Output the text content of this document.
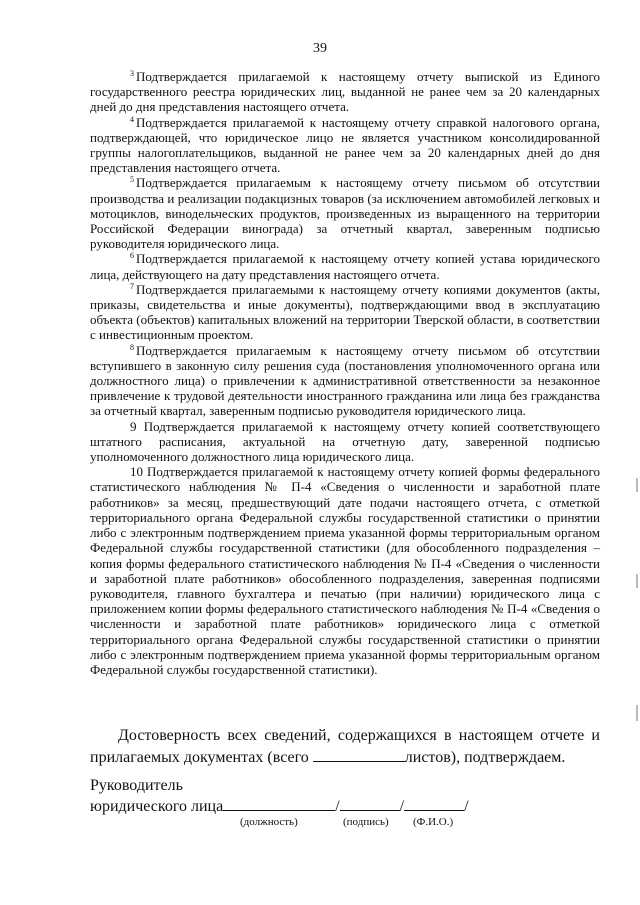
39

$^3$ Подтверждается прилагаемой к настоящему отчету выпиской из Единого государственного реестра юридических лиц, выданной не ранее чем за 20 календарных дней до дня представления настоящего отчета.

$^4$ Подтверждается прилагаемой к настоящему отчету справкой налогового органа, подтверждающей, что юридическое лицо не является участником консолидированной группы налогоплательщиков, выданной не ранее чем за 20 календарных дней до дня представления настоящего отчета.

$^5$ Подтверждается прилагаемым к настоящему отчету письмом об отсутствии производства и реализации подакцизных товаров (за исключением автомобилей легковых и мотоциклов, винодельческих продуктов, произведенных из выращенного на территории Российской Федерации винограда) за отчетный квартал, заверенным подписью руководителя юридического лица.

$^6$ Подтверждается прилагаемой к настоящему отчету копией устава юридического лица, действующего на дату представления настоящего отчета.

$^7$ Подтверждается прилагаемыми к настоящему отчету копиями документов (акты, приказы, свидетельства и иные документы), подтверждающими ввод в эксплуатацию объекта (объектов) капитальных вложений на территории Тверской области, в соответствии с инвестиционным проектом.

$^8$ Подтверждается прилагаемым к настоящему отчету письмом об отсутствии вступившего в законную силу решения суда (постановления уполномоченного органа или должностного лица) о привлечении к административной ответственности за незаконное привлечение к трудовой деятельности иностранного гражданина или лица без гражданства за отчетный квартал, заверенным подписью руководителя юридического лица.

9 Подтверждается прилагаемой к настоящему отчету копией соответствующего штатного расписания, актуальной на отчетную дату, заверенной подписью уполномоченного должностного лица юридического лица.

10 Подтверждается прилагаемой к настоящему отчету копией формы федерального статистического наблюдения № П-4 «Сведения о численности и заработной плате работников» за месяц, предшествующий дате подачи настоящего отчета, с отметкой территориального органа Федеральной службы государственной статистики о принятии либо с электронным подтверждением приема указанной формы территориальным органом Федеральной службы государственной статистики (для обособленного подразделения – копия формы федерального статистического наблюдения № П-4 «Сведения о численности и заработной плате работников» обособленного подразделения, заверенная подписями руководителя, главного бухгалтера и печатью (при наличии) юридического лица с приложением копии формы федерального статистического наблюдения № П-4 «Сведения о численности и заработной плате работников» юридического лица с отметкой территориального органа Федеральной службы государственной статистики о принятии либо с электронным подтверждением приема указанной формы территориальным органом Федеральной службы государственной статистики).

Достоверность всех сведений, содержащихся в настоящем отчете и прилагаемых документах (всего	листов), подтверждаем.

Руководитель
юридического лица	/	/	/
(должность)	(подпись) (Ф.И.О.)
